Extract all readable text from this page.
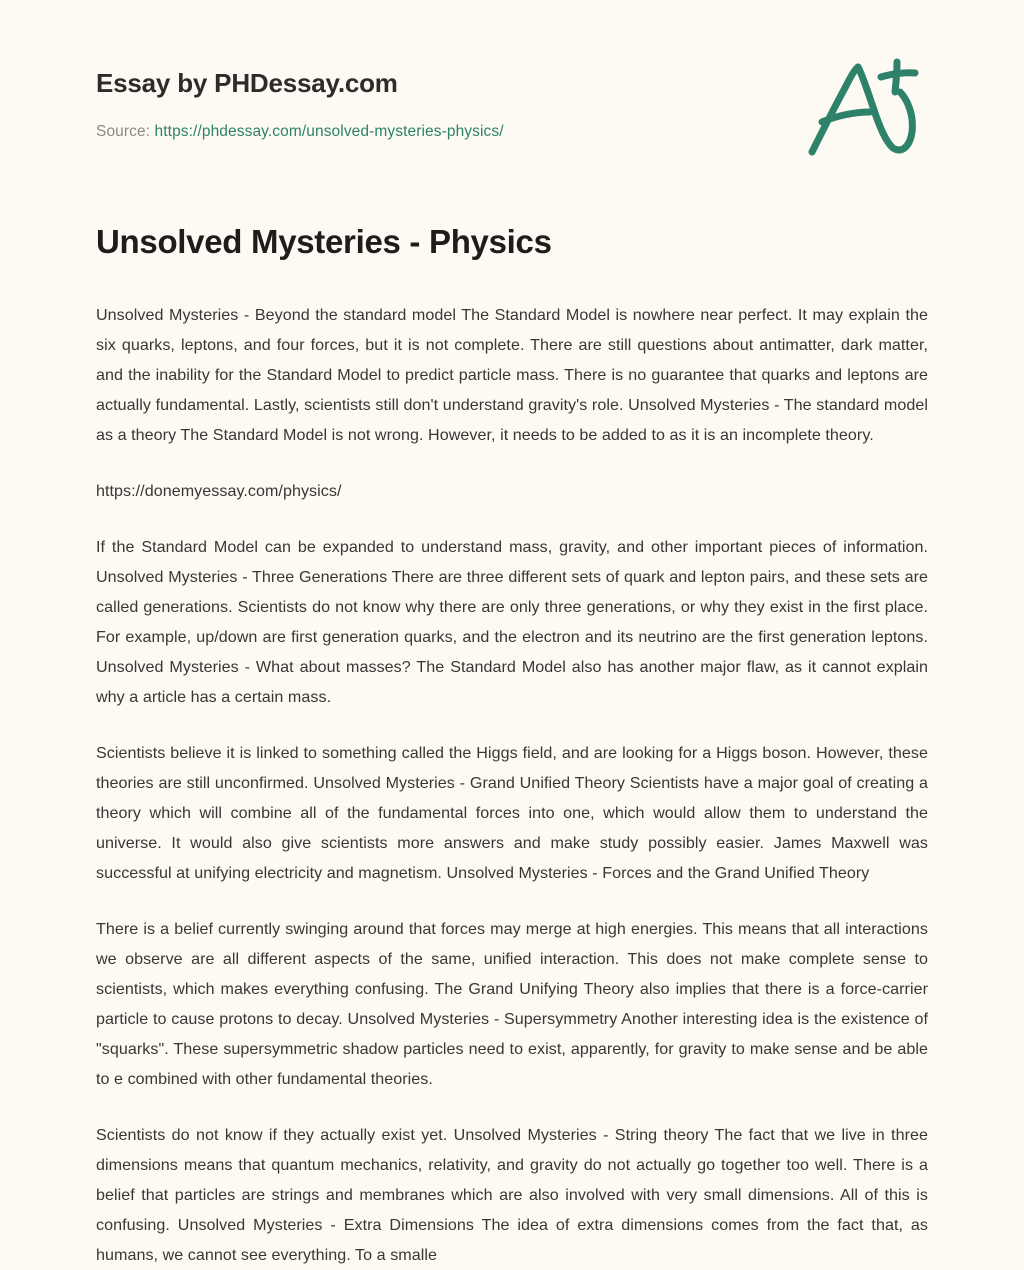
Essay by PHDessay.com

Source: https://phdessay.com/unsolved-mysteries-physics/

Unsolved Mysteries - Physics

Unsolved Mysteries - Beyond the standard model The Standard Model is nowhere near perfect. It may explain the six quarks, leptons, and four forces, but it is not complete. There are still questions about antimatter, dark matter, and the inability for the Standard Model to predict particle mass. There is no guarantee that quarks and leptons are actually fundamental. Lastly, scientists still don't understand gravity's role. Unsolved Mysteries - The standard model as a theory The Standard Model is not wrong. However, it needs to be added to as it is an incomplete theory.

https://donemyessay.com/physics/

If the Standard Model can be expanded to understand mass, gravity, and other important pieces of information. Unsolved Mysteries - Three Generations There are three different sets of quark and lepton pairs, and these sets are called generations. Scientists do not know why there are only three generations, or why they exist in the first place. For example, up/down are first generation quarks, and the electron and its neutrino are the first generation leptons. Unsolved Mysteries - What about masses? The Standard Model also has another major flaw, as it cannot explain why a article has a certain mass.

Scientists believe it is linked to something called the Higgs field, and are looking for a Higgs boson. However, these theories are still unconfirmed. Unsolved Mysteries - Grand Unified Theory Scientists have a major goal of creating a theory which will combine all of the fundamental forces into one, which would allow them to understand the universe. It would also give scientists more answers and make study possibly easier. James Maxwell was successful at unifying electricity and magnetism. Unsolved Mysteries - Forces and the Grand Unified Theory

There is a belief currently swinging around that forces may merge at high energies. This means that all interactions we observe are all different aspects of the same, unified interaction. This does not make complete sense to scientists, which makes everything confusing. The Grand Unifying Theory also implies that there is a force-carrier particle to cause protons to decay. Unsolved Mysteries - Supersymmetry Another interesting idea is the existence of "squarks". These supersymmetric shadow particles need to exist, apparently, for gravity to make sense and be able to e combined with other fundamental theories.

Scientists do not know if they actually exist yet. Unsolved Mysteries - String theory The fact that we live in three dimensions means that quantum mechanics, relativity, and gravity do not actually go together too well. There is a belief that particles are strings and membranes which are also involved with very small dimensions. All of this is confusing. Unsolved Mysteries - Extra Dimensions The idea of extra dimensions comes from the fact that, as humans, we cannot see everything. To a smalle
